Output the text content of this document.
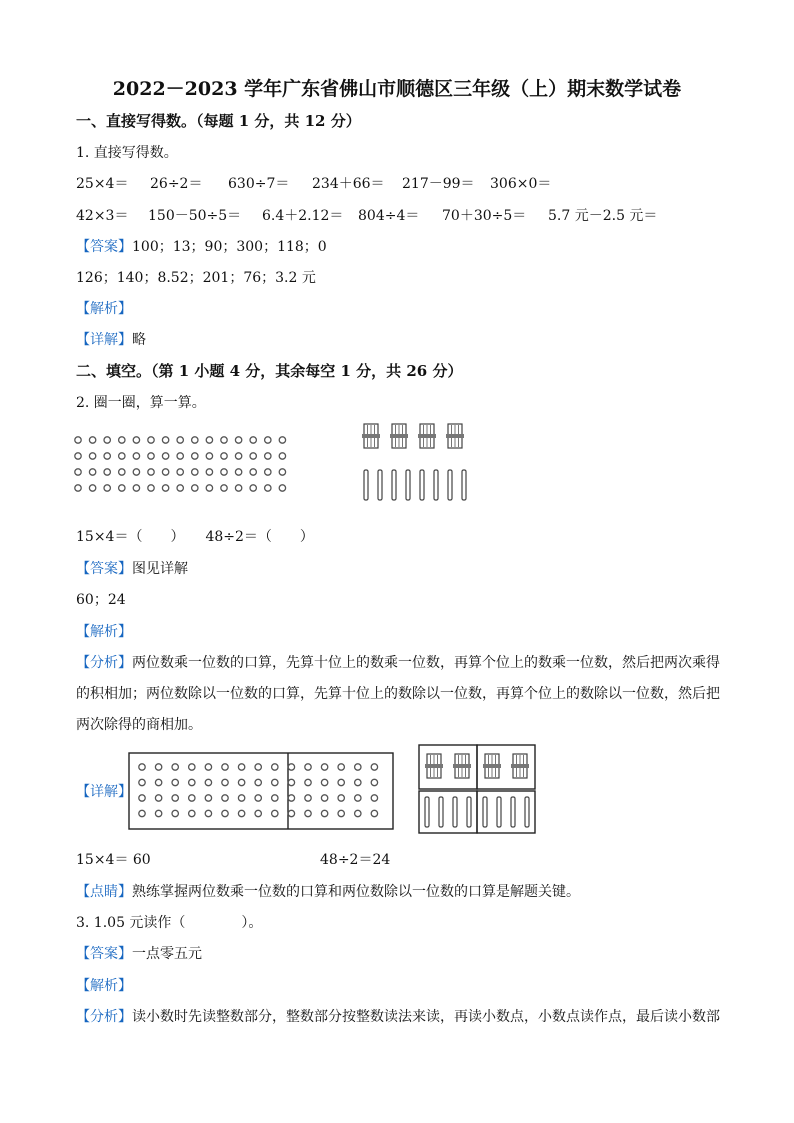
2022－2023 学年广东省佛山市顺德区三年级（上）期末数学试卷
一、直接写得数。（每题 1 分，共 12 分）
1. 直接写得数。
25×4＝ 26÷2＝ 630÷7＝ 234＋66＝ 217－99＝ 306×0＝
42×3＝ 150－50÷5＝ 6.4＋2.12＝ 804÷4＝ 70＋30÷5＝ 5.7 元－2.5 元＝
【答案】100；13；90；300；118；0
126；140；8.52；201；76；3.2 元
【解析】
【详解】略
二、填空。（第 1 小题 4 分，其余每空 1 分，共 26 分）
2. 圈一圈，算一算。
15×4＝（　　）　　48÷2＝（　　）
【答案】图见详解
60；24
【解析】
【分析】两位数乘一位数的口算，先算十位上的数乘一位数，再算个位上的数乘一位数，然后把两次乘得
的积相加；两位数除以一位数的口算，先算十位上的数除以一位数，再算个位上的数除以一位数，然后把
两次除得的商相加。
【详解】
15×4＝ 60	48÷2＝24
【点睛】熟练掌握两位数乘一位数的口算和两位数除以一位数的口算是解题关键。
3. 1.05 元读作（　　　　）。
【答案】一点零五元
【解析】
【分析】读小数时先读整数部分，整数部分按整数读法来读，再读小数点，小数点读作点，最后读小数部
